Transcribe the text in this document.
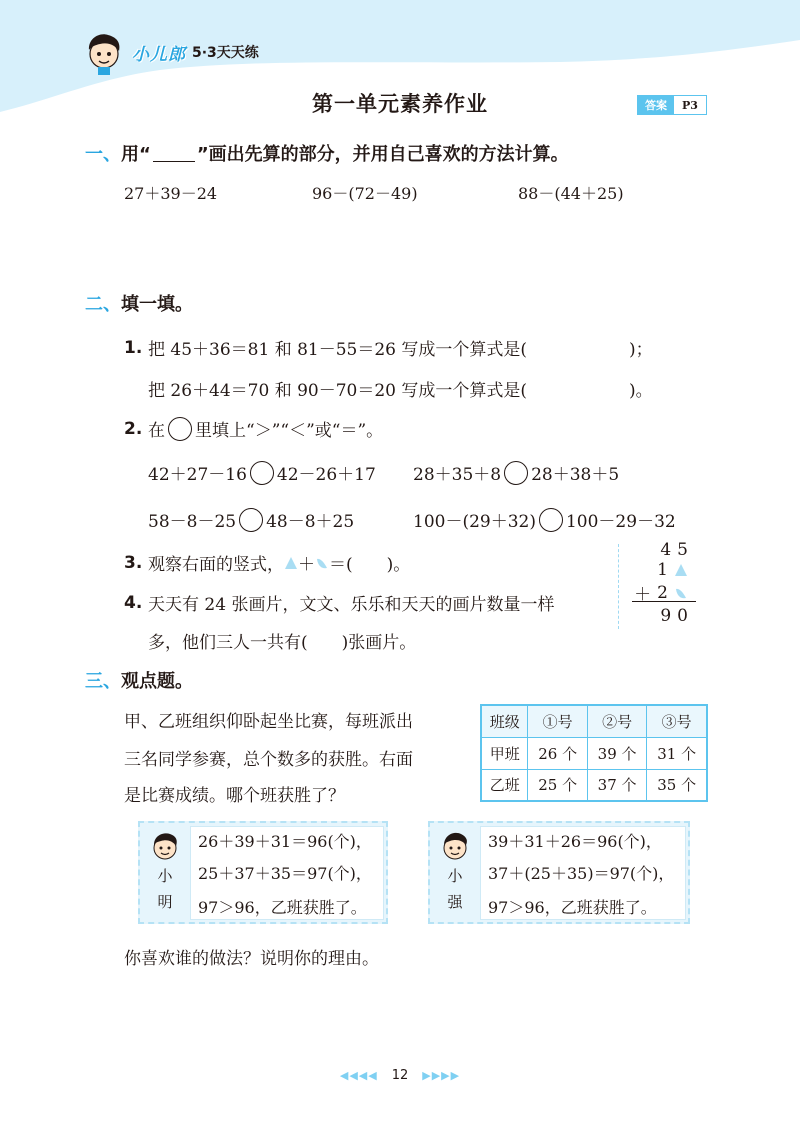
小儿郎 5·3天天练
第一单元素养作业	答案	P3
一、 用“	”画出先算的部分，并用自己喜欢的方法计算。
27＋39－24	96－(72－49)	88－(44＋25)
二、 填一填。
1. 把 45＋36＝81 和 81－55＝26 写成一个算式是(　　　　　　)；
把 26＋44＝70 和 90－70＝20 写成一个算式是(　　　　　　)。
2. 在 里填上“＞”“＜”或“＝”。
42＋27－16 42－26＋17 28＋35＋8 28＋38＋5
58－8－25 48－8＋25	100－(29＋32) 100－29－32
3. 观察右面的竖式， ＋ ＝(　　)。
4. 天天有 24 张画片，文文、乐乐和天天的画片数量一样
多，他们三人一共有(　　)张画片。
4 5
1
＋ 2
9 0
三、 观点题。
甲、乙班组织仰卧起坐比赛，每班派出
三名同学参赛，总个数多的获胜。右面
是比赛成绩。哪个班获胜了？
班级	①号	②号	③号
甲班	26 个	39 个	31 个
乙班	25 个	37 个	35 个
小
明
26＋39＋31＝96(个)，
25＋37＋35＝97(个)，
97＞96，乙班获胜了。
小
强
39＋31＋26＝96(个)，
37＋(25＋35)＝97(个)，
97＞96，乙班获胜了。
你喜欢谁的做法？说明你的理由。
◀◀◀◀ 12 ▶▶▶▶
